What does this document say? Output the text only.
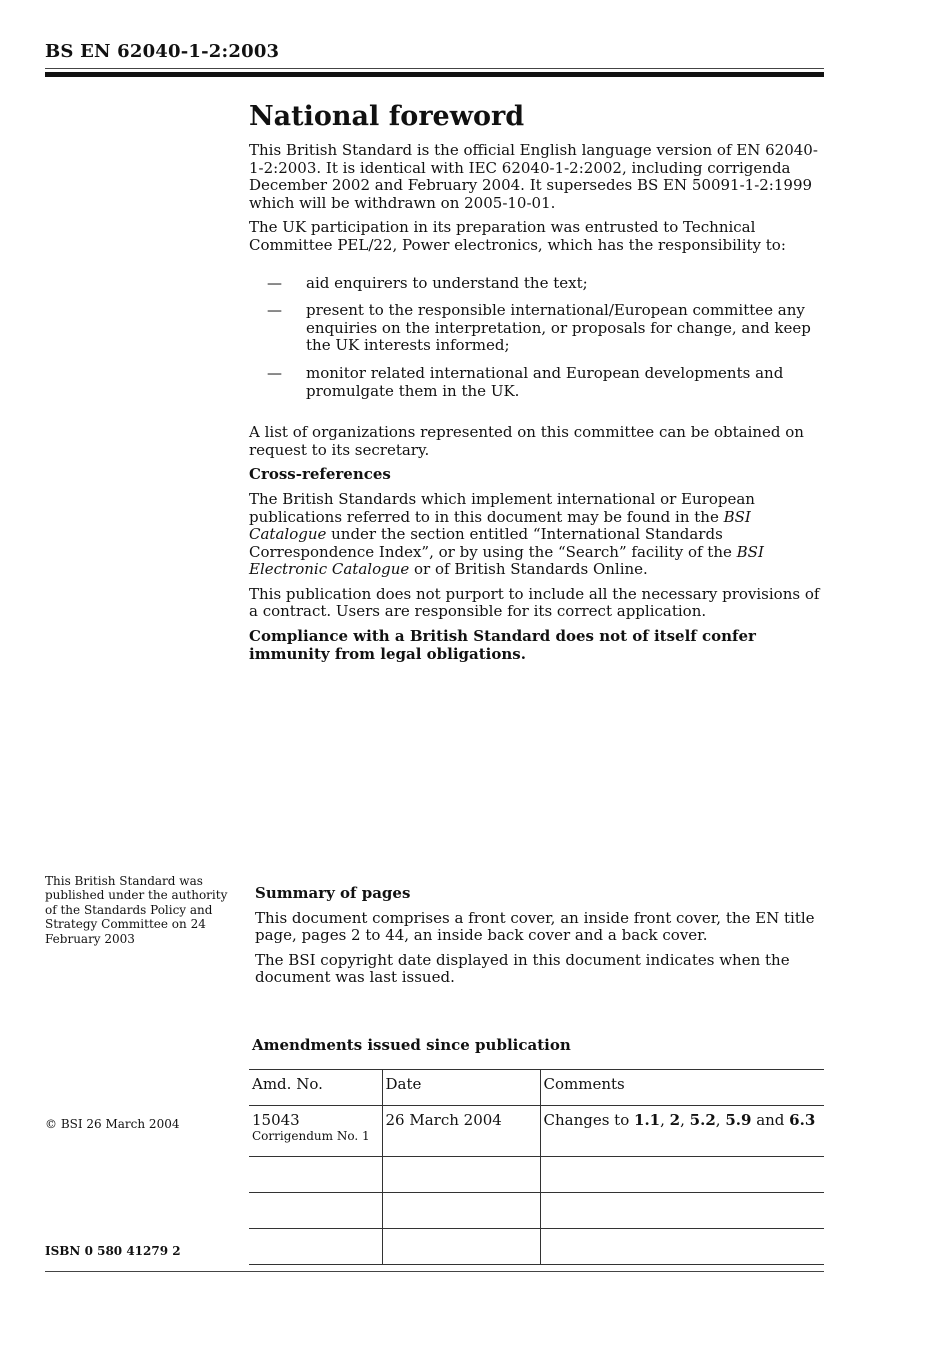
BS EN 62040-1-2:2003
National foreword

This British Standard is the official English language version of EN 62040-1-2:2003. It is identical with IEC 62040-1-2:2002, including corrigenda December 2002 and February 2004. It supersedes BS EN 50091-1-2:1999 which will be withdrawn on 2005-10-01.

The UK participation in its preparation was entrusted to Technical Committee PEL/22, Power electronics, which has the responsibility to:

— aid enquirers to understand the text;
— present to the responsible international/European committee any enquiries on the interpretation, or proposals for change, and keep the UK interests informed;
— monitor related international and European developments and promulgate them in the UK.

A list of organizations represented on this committee can be obtained on request to its secretary.

Cross-references

The British Standards which implement international or European publications referred to in this document may be found in the BSI Catalogue under the section entitled “International Standards Correspondence Index”, or by using the “Search” facility of the BSI Electronic Catalogue or of British Standards Online.

This publication does not purport to include all the necessary provisions of a contract. Users are responsible for its correct application.

Compliance with a British Standard does not of itself confer immunity from legal obligations.

This British Standard was published under the authority of the Standards Policy and Strategy Committee on 24 February 2003

Summary of pages

This document comprises a front cover, an inside front cover, the EN title page, pages 2 to 44, an inside back cover and a back cover.

The BSI copyright date displayed in this document indicates when the document was last issued.

Amendments issued since publication
Amd. No.	Date	Comments

15043
Corrigendum No. 1	26 March 2004	Changes to 1.1, 2, 5.2, 5.9 and 6.3

© BSI 26 March 2004
ISBN 0 580 41279 2
